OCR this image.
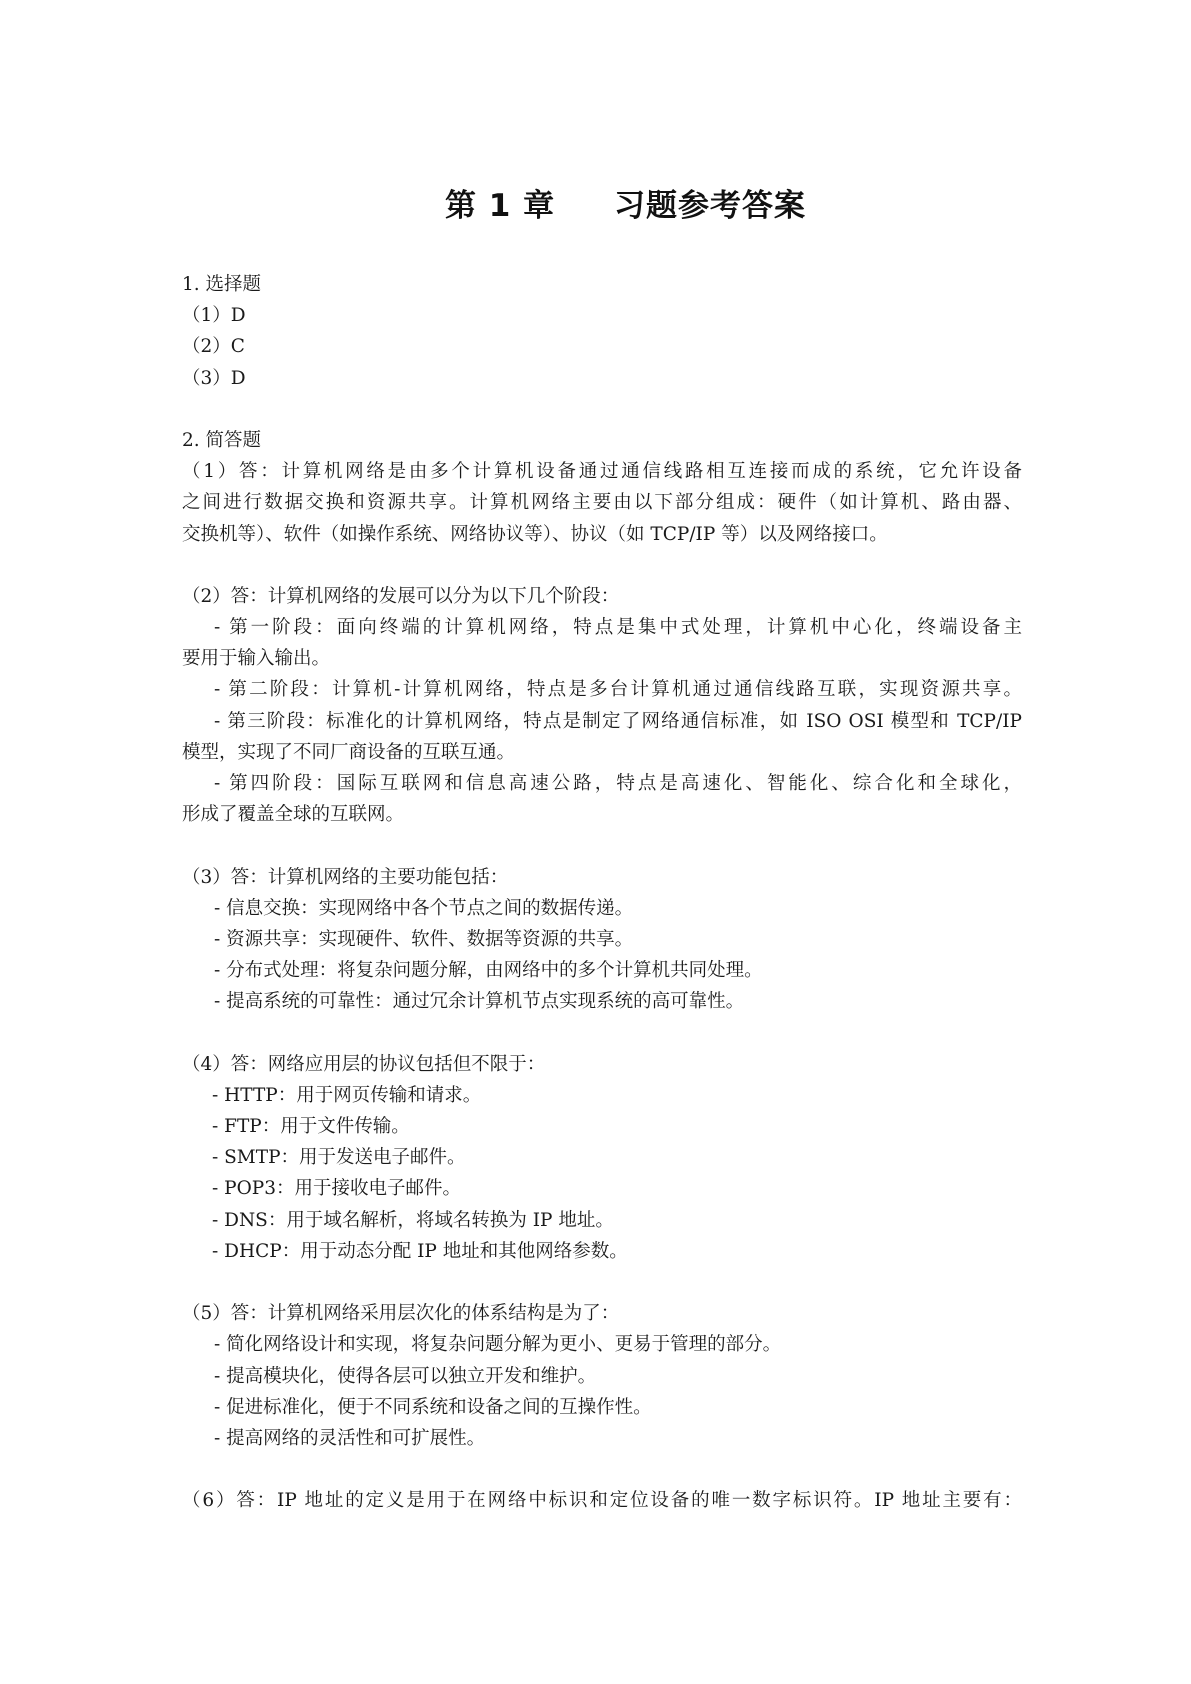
第 1 章     习题参考答案
1. 选择题
（1）D
（2）C
（3）D
2. 简答题
（1）答：计算机网络是由多个计算机设备通过通信线路相互连接而成的系统，它允许设备
之间进行数据交换和资源共享。计算机网络主要由以下部分组成：硬件（如计算机、路由器、
交换机等）、软件（如操作系统、网络协议等）、协议（如 TCP/IP 等）以及网络接口。
（2）答：计算机网络的发展可以分为以下几个阶段：
- 第一阶段：面向终端的计算机网络，特点是集中式处理，计算机中心化，终端设备主
要用于输入输出。
- 第二阶段：计算机-计算机网络，特点是多台计算机通过通信线路互联，实现资源共享。
- 第三阶段：标准化的计算机网络，特点是制定了网络通信标准，如 ISO OSI 模型和 TCP/IP
模型，实现了不同厂商设备的互联互通。
- 第四阶段：国际互联网和信息高速公路，特点是高速化、智能化、综合化和全球化，
形成了覆盖全球的互联网。
（3）答：计算机网络的主要功能包括：
- 信息交换：实现网络中各个节点之间的数据传递。
- 资源共享：实现硬件、软件、数据等资源的共享。
- 分布式处理：将复杂问题分解，由网络中的多个计算机共同处理。
- 提高系统的可靠性：通过冗余计算机节点实现系统的高可靠性。
（4）答：网络应用层的协议包括但不限于：
- HTTP：用于网页传输和请求。
- FTP：用于文件传输。
- SMTP：用于发送电子邮件。
- POP3：用于接收电子邮件。
- DNS：用于域名解析，将域名转换为 IP 地址。
- DHCP：用于动态分配 IP 地址和其他网络参数。
（5）答：计算机网络采用层次化的体系结构是为了：
- 简化网络设计和实现，将复杂问题分解为更小、更易于管理的部分。
- 提高模块化，使得各层可以独立开发和维护。
- 促进标准化，便于不同系统和设备之间的互操作性。
- 提高网络的灵活性和可扩展性。
（6）答：IP 地址的定义是用于在网络中标识和定位设备的唯一数字标识符。IP 地址主要有：
